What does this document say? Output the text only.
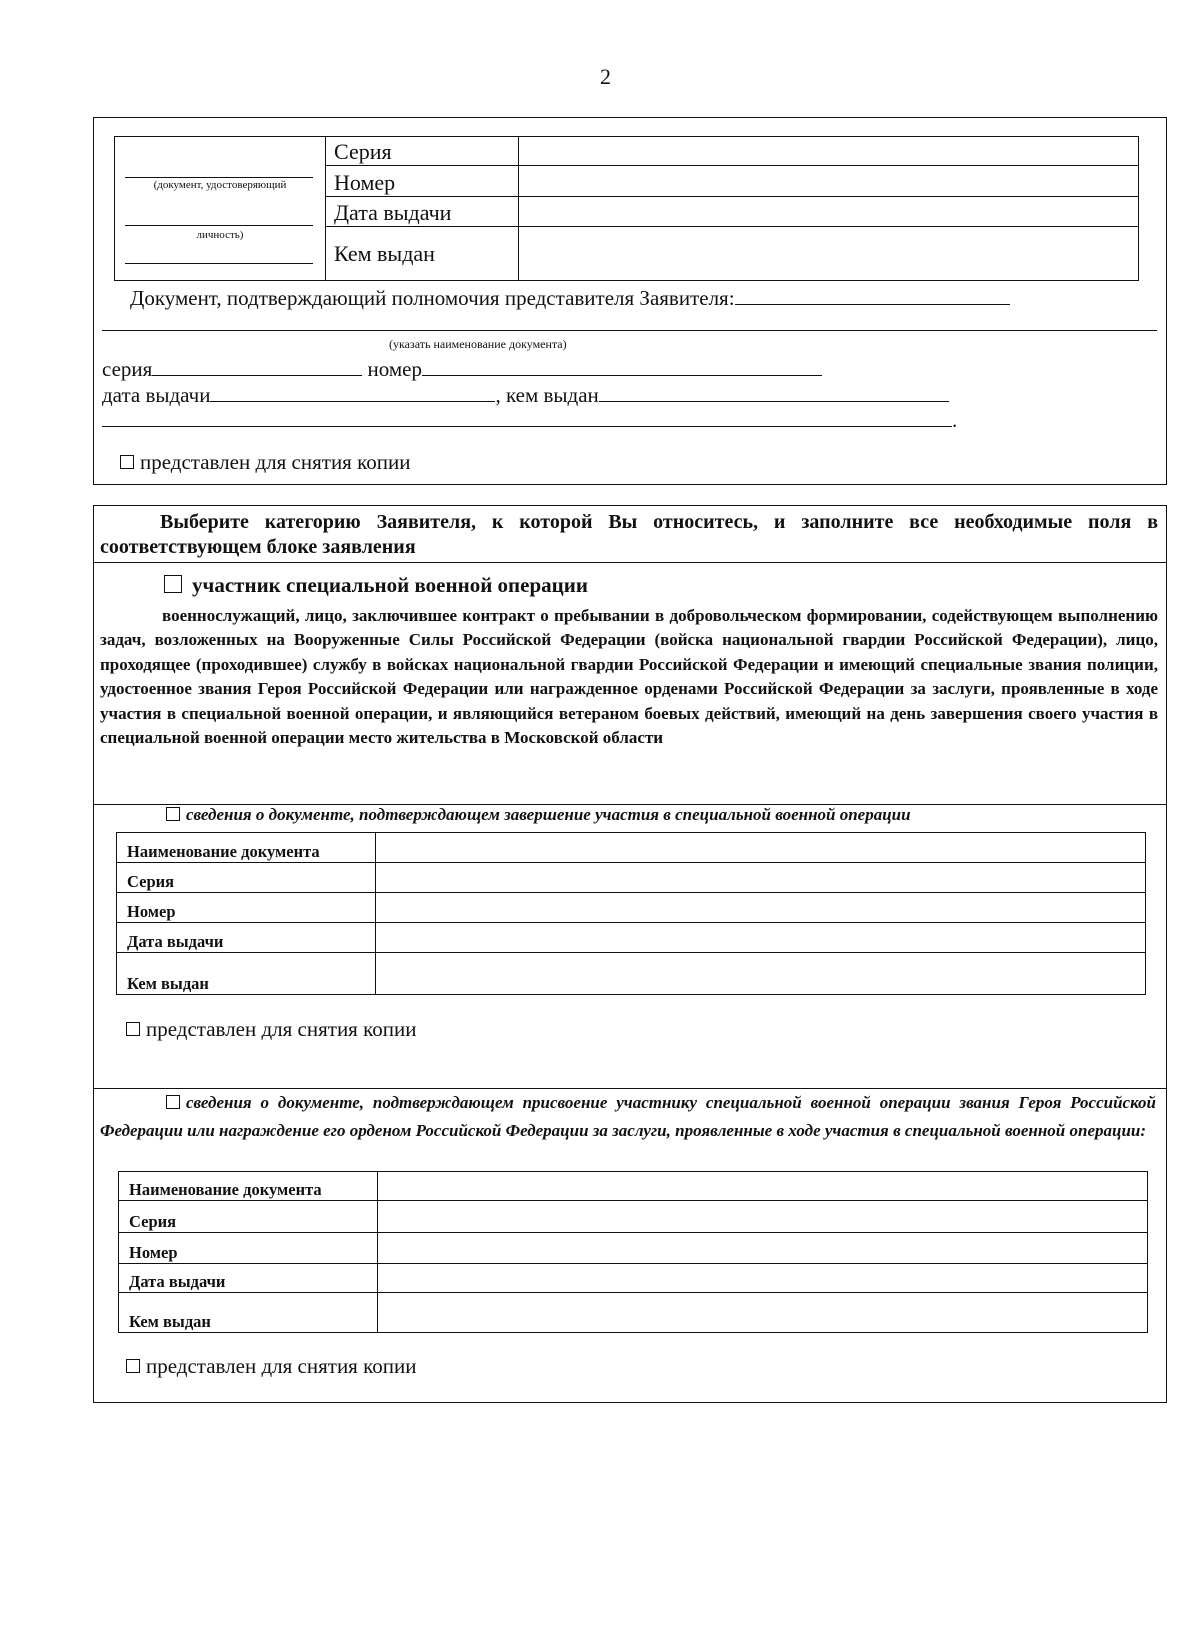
2
(документ, удостоверяющий
личность)	Серия	
	Номер	
	Дата выдачи	
	Кем выдан	
Документ, подтверждающий полномочия представителя Заявителя:
(указать наименование документа)
серия	номер
дата выдачи	, кем выдан
.
представлен для снятия копии
Выберите категорию Заявителя, к которой Вы относитесь, и заполните все необходимые поля в соответствующем блоке заявления
участник специальной военной операции
военнослужащий, лицо, заключившее контракт о пребывании в добровольческом формировании, содействующем выполнению задач, возложенных на Вооруженные Силы Российской Федерации (войска национальной гвардии Российской Федерации), лицо, проходящее (проходившее) службу в войсках национальной гвардии Российской Федерации и имеющий специальные звания полиции, удостоенное звания Героя Российской Федерации или награжденное орденами Российской Федерации за заслуги, проявленные в ходе участия в специальной военной операции, и являющийся ветераном боевых действий, имеющий на день завершения своего участия в специальной военной операции место жительства в Московской области
сведения о документе, подтверждающем завершение участия в специальной военной операции
Наименование документа	
Серия	
Номер	
Дата выдачи	
Кем выдан	
представлен для снятия копии
сведения о документе, подтверждающем присвоение участнику специальной военной операции звания Героя Российской Федерации или награждение его орденом Российской Федерации за заслуги, проявленные в ходе участия в специальной военной операции:
Наименование документа	
Серия	
Номер	
Дата выдачи	
Кем выдан	
представлен для снятия копии
